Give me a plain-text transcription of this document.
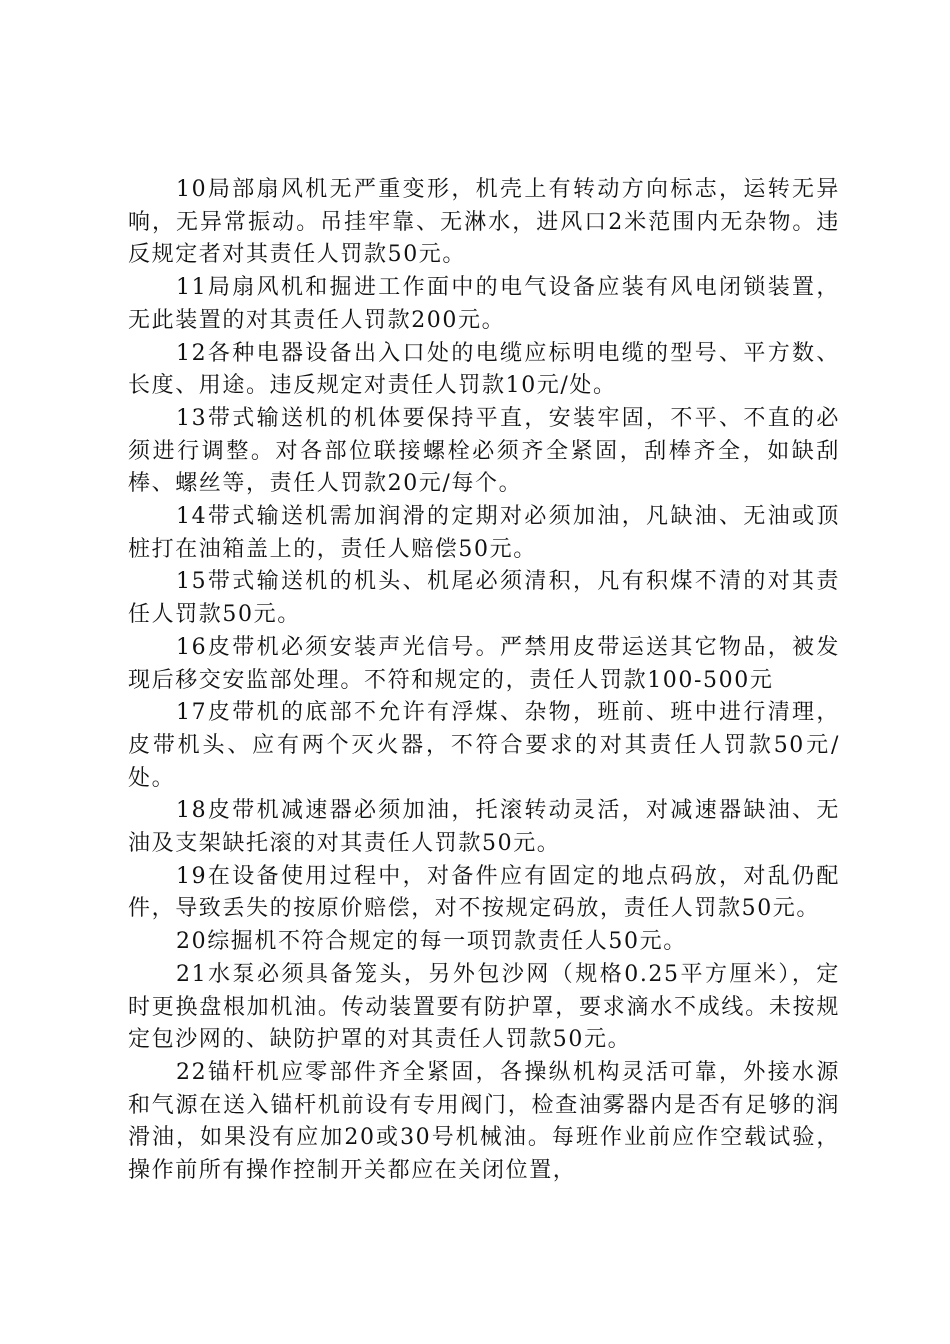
10局部扇风机无严重变形，机壳上有转动方向标志，运转无异响，无异常振动。吊挂牢靠、无淋水，进风口2米范围内无杂物。违反规定者对其责任人罚款50元。

11局扇风机和掘进工作面中的电气设备应装有风电闭锁装置，无此装置的对其责任人罚款200元。

12各种电器设备出入口处的电缆应标明电缆的型号、平方数、长度、用途。违反规定对责任人罚款10元/处。

13带式输送机的机体要保持平直，安装牢固，不平、不直的必须进行调整。对各部位联接螺栓必须齐全紧固，刮棒齐全，如缺刮棒、螺丝等，责任人罚款20元/每个。

14带式输送机需加润滑的定期对必须加油，凡缺油、无油或顶桩打在油箱盖上的，责任人赔偿50元。

15带式输送机的机头、机尾必须清积，凡有积煤不清的对其责任人罚款50元。

16皮带机必须安装声光信号。严禁用皮带运送其它物品，被发现后移交安监部处理。不符和规定的，责任人罚款100-500元

17皮带机的底部不允许有浮煤、杂物，班前、班中进行清理，皮带机头、应有两个灭火器，不符合要求的对其责任人罚款50元/处。

18皮带机减速器必须加油，托滚转动灵活，对减速器缺油、无油及支架缺托滚的对其责任人罚款50元。

19在设备使用过程中，对备件应有固定的地点码放，对乱仍配件，导致丢失的按原价赔偿，对不按规定码放，责任人罚款50元。

20综掘机不符合规定的每一项罚款责任人50元。

21水泵必须具备笼头，另外包沙网（规格0.25平方厘米），定时更换盘根加机油。传动装置要有防护罩，要求滴水不成线。未按规定包沙网的、缺防护罩的对其责任人罚款50元。

22锚杆机应零部件齐全紧固，各操纵机构灵活可靠，外接水源和气源在送入锚杆机前设有专用阀门，检查油雾器内是否有足够的润滑油，如果没有应加20或30号机械油。每班作业前应作空载试验，操作前所有操作控制开关都应在关闭位置，
